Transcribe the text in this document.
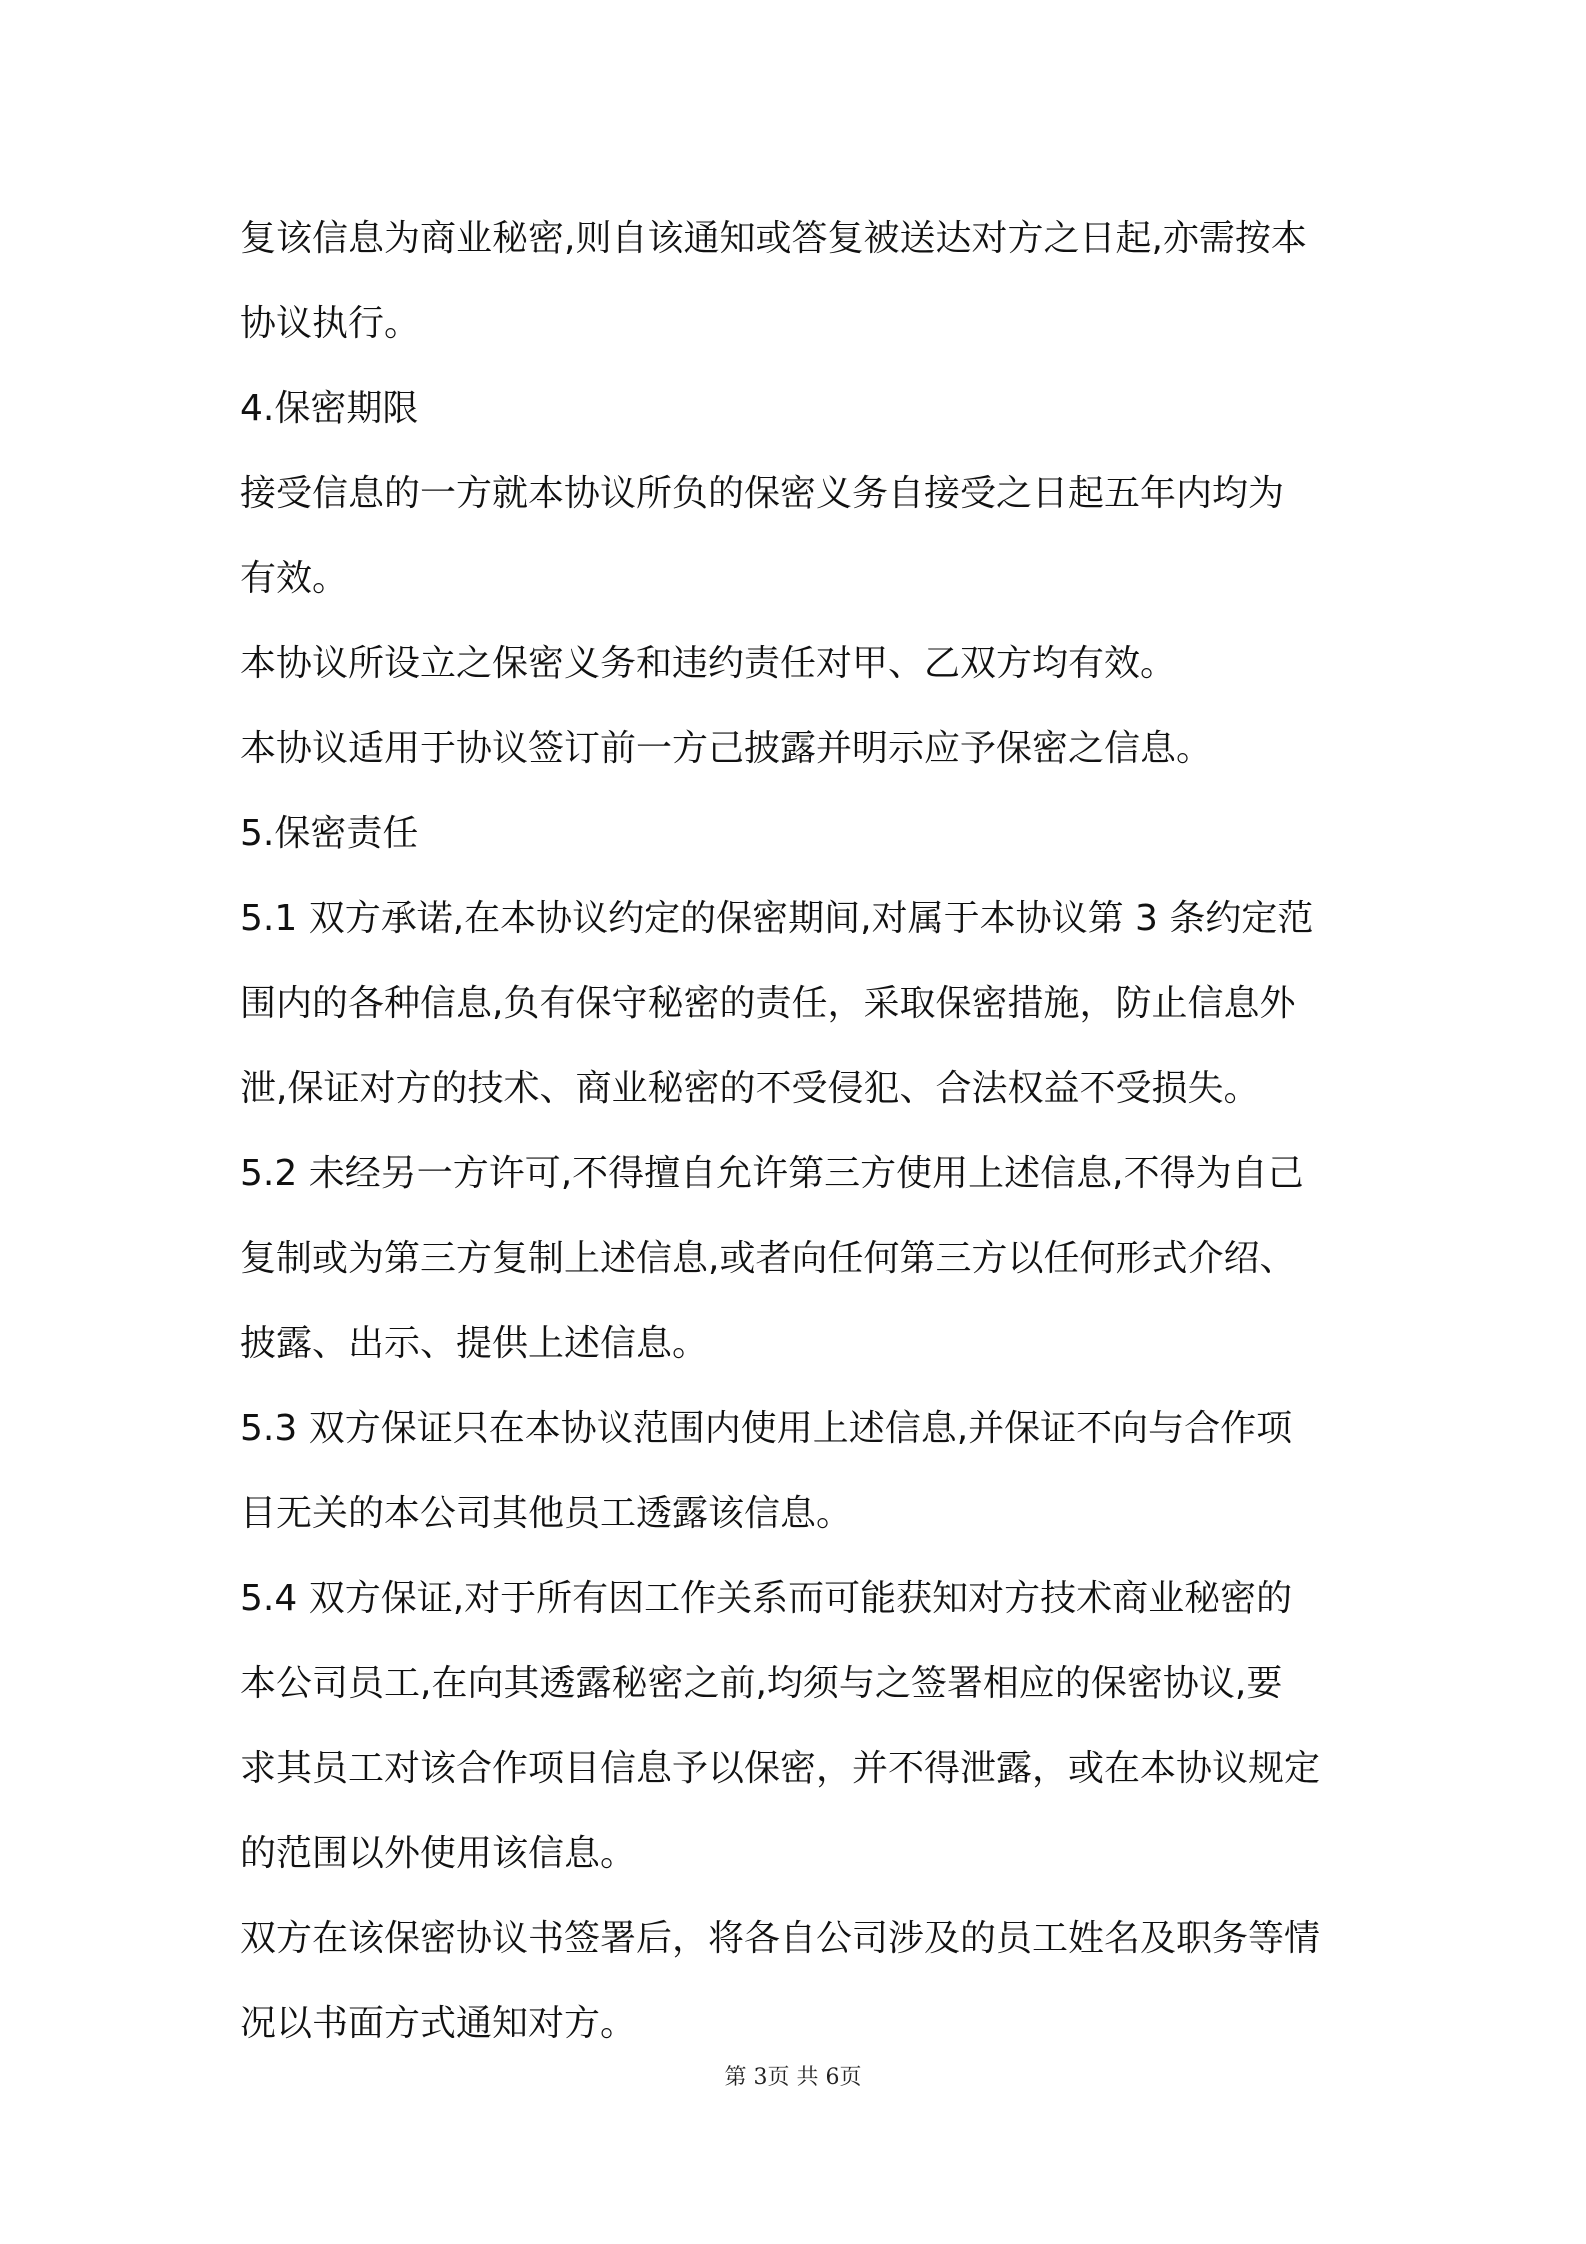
复该信息为商业秘密,则自该通知或答复被送达对方之日起,亦需按本
协议执行。
4.保密期限
接受信息的一方就本协议所负的保密义务自接受之日起五年内均为
有效。
本协议所设立之保密义务和违约责任对甲、乙双方均有效。
本协议适用于协议签订前一方己披露并明示应予保密之信息。
5.保密责任
5.1 双方承诺,在本协议约定的保密期间,对属于本协议第 3 条约定范
围内的各种信息,负有保守秘密的责任，采取保密措施，防止信息外
泄,保证对方的技术、商业秘密的不受侵犯、合法权益不受损失。
5.2 未经另一方许可,不得擅自允许第三方使用上述信息,不得为自己
复制或为第三方复制上述信息,或者向任何第三方以任何形式介绍、
披露、出示、提供上述信息。
5.3 双方保证只在本协议范围内使用上述信息,并保证不向与合作项
目无关的本公司其他员工透露该信息。
5.4 双方保证,对于所有因工作关系而可能获知对方技术商业秘密的
本公司员工,在向其透露秘密之前,均须与之签署相应的保密协议,要
求其员工对该合作项目信息予以保密，并不得泄露，或在本协议规定
的范围以外使用该信息。
双方在该保密协议书签署后，将各自公司涉及的员工姓名及职务等情
况以书面方式通知对方。
第 3页 共 6页
